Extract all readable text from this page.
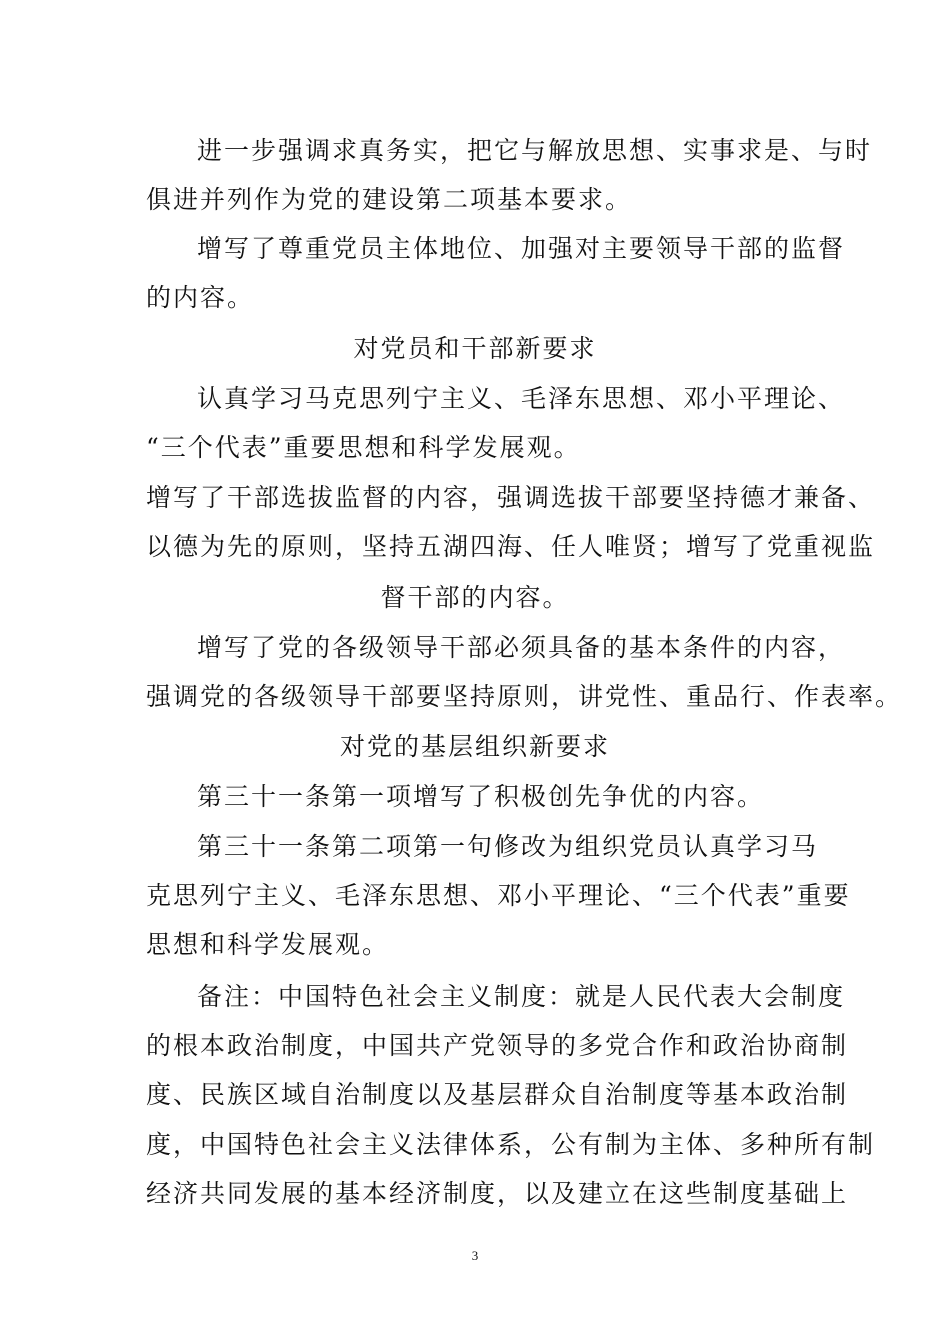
进一步强调求真务实，把它与解放思想、实事求是、与时
俱进并列作为党的建设第二项基本要求。
增写了尊重党员主体地位、加强对主要领导干部的监督
的内容。
对党员和干部新要求
认真学习马克思列宁主义、毛泽东思想、邓小平理论、
“三个代表”重要思想和科学发展观。
增写了干部选拔监督的内容，强调选拔干部要坚持德才兼备、
以德为先的原则，坚持五湖四海、任人唯贤；增写了党重视监
督干部的内容。
增写了党的各级领导干部必须具备的基本条件的内容，
强调党的各级领导干部要坚持原则，讲党性、重品行、作表率。
对党的基层组织新要求
第三十一条第一项增写了积极创先争优的内容。
第三十一条第二项第一句修改为组织党员认真学习马
克思列宁主义、毛泽东思想、邓小平理论、“三个代表”重要
思想和科学发展观。
备注：中国特色社会主义制度：就是人民代表大会制度
的根本政治制度，中国共产党领导的多党合作和政治协商制
度、民族区域自治制度以及基层群众自治制度等基本政治制
度，中国特色社会主义法律体系，公有制为主体、多种所有制
经济共同发展的基本经济制度，以及建立在这些制度基础上
3
